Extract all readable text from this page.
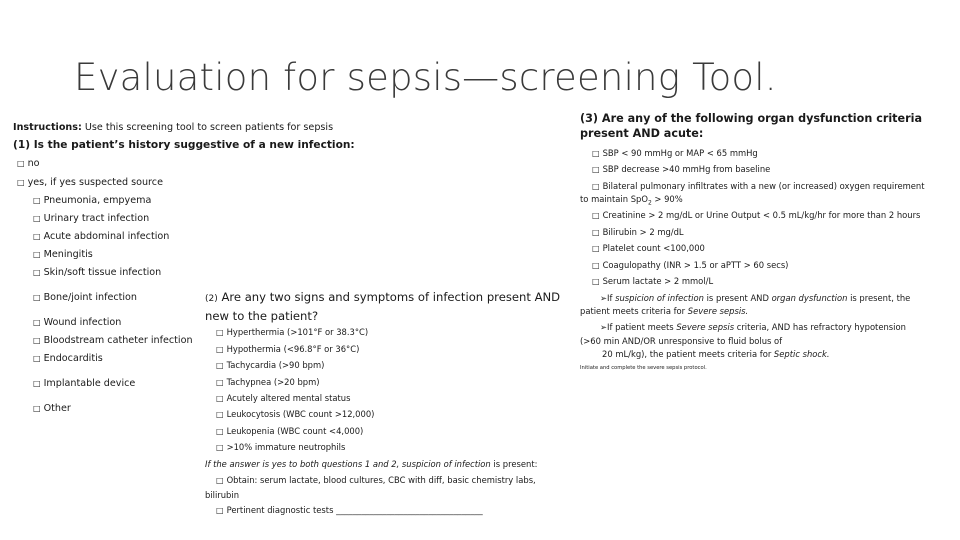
Evaluation for sepsis—screening Tool.
Instructions: Use this screening tool to screen patients for sepsis
(1) Is the patient’s history suggestive of a new infection:
□ no
□ yes, if yes suspected source
□ Pneumonia, empyema
□ Urinary tract infection
□ Acute abdominal infection
□ Meningitis
□ Skin/soft tissue infection
□ Bone/joint infection
□ Wound infection
□ Bloodstream catheter infection
□ Endocarditis
□ Implantable device
□ Other
(2) Are any two signs and symptoms of infection present AND new to the patient?
□ Hyperthermia (>101°F or 38.3°C)
□ Hypothermia (<96.8°F or 36°C)
□ Tachycardia (>90 bpm)
□ Tachypnea (>20 bpm)
□ Acutely altered mental status
□ Leukocytosis (WBC count >12,000)
□ Leukopenia (WBC count <4,000)
□ >10% immature neutrophils
If the answer is yes to both questions 1 and 2, suspicion of infection is present:
□ Obtain: serum lactate, blood cultures, CBC with diff, basic chemistry labs,
bilirubin
□ Pertinent diagnostic tests ___________________________________
(3) Are any of the following organ dysfunction criteria present AND acute:
□ SBP < 90 mmHg or MAP < 65 mmHg
□ SBP decrease >40 mmHg from baseline
□ Bilateral pulmonary infiltrates with a new (or increased) oxygen requirement
to maintain SpO$_2$ > 90%
□ Creatinine > 2 mg/dL or Urine Output < 0.5 mL/kg/hr for more than 2 hours
□ Bilirubin > 2 mg/dL
□ Platelet count <100,000
□ Coagulopathy (INR > 1.5 or aPTT > 60 secs)
□ Serum lactate > 2 mmol/L
➢If suspicion of infection is present AND organ dysfunction is present, the
patient meets criteria for Severe sepsis.
➢If patient meets Severe sepsis criteria, AND has refractory hypotension
(>60 min AND/OR unresponsive to fluid bolus of
20 mL/kg), the patient meets criteria for Septic shock.
Initiate and complete the severe sepsis protocol.
